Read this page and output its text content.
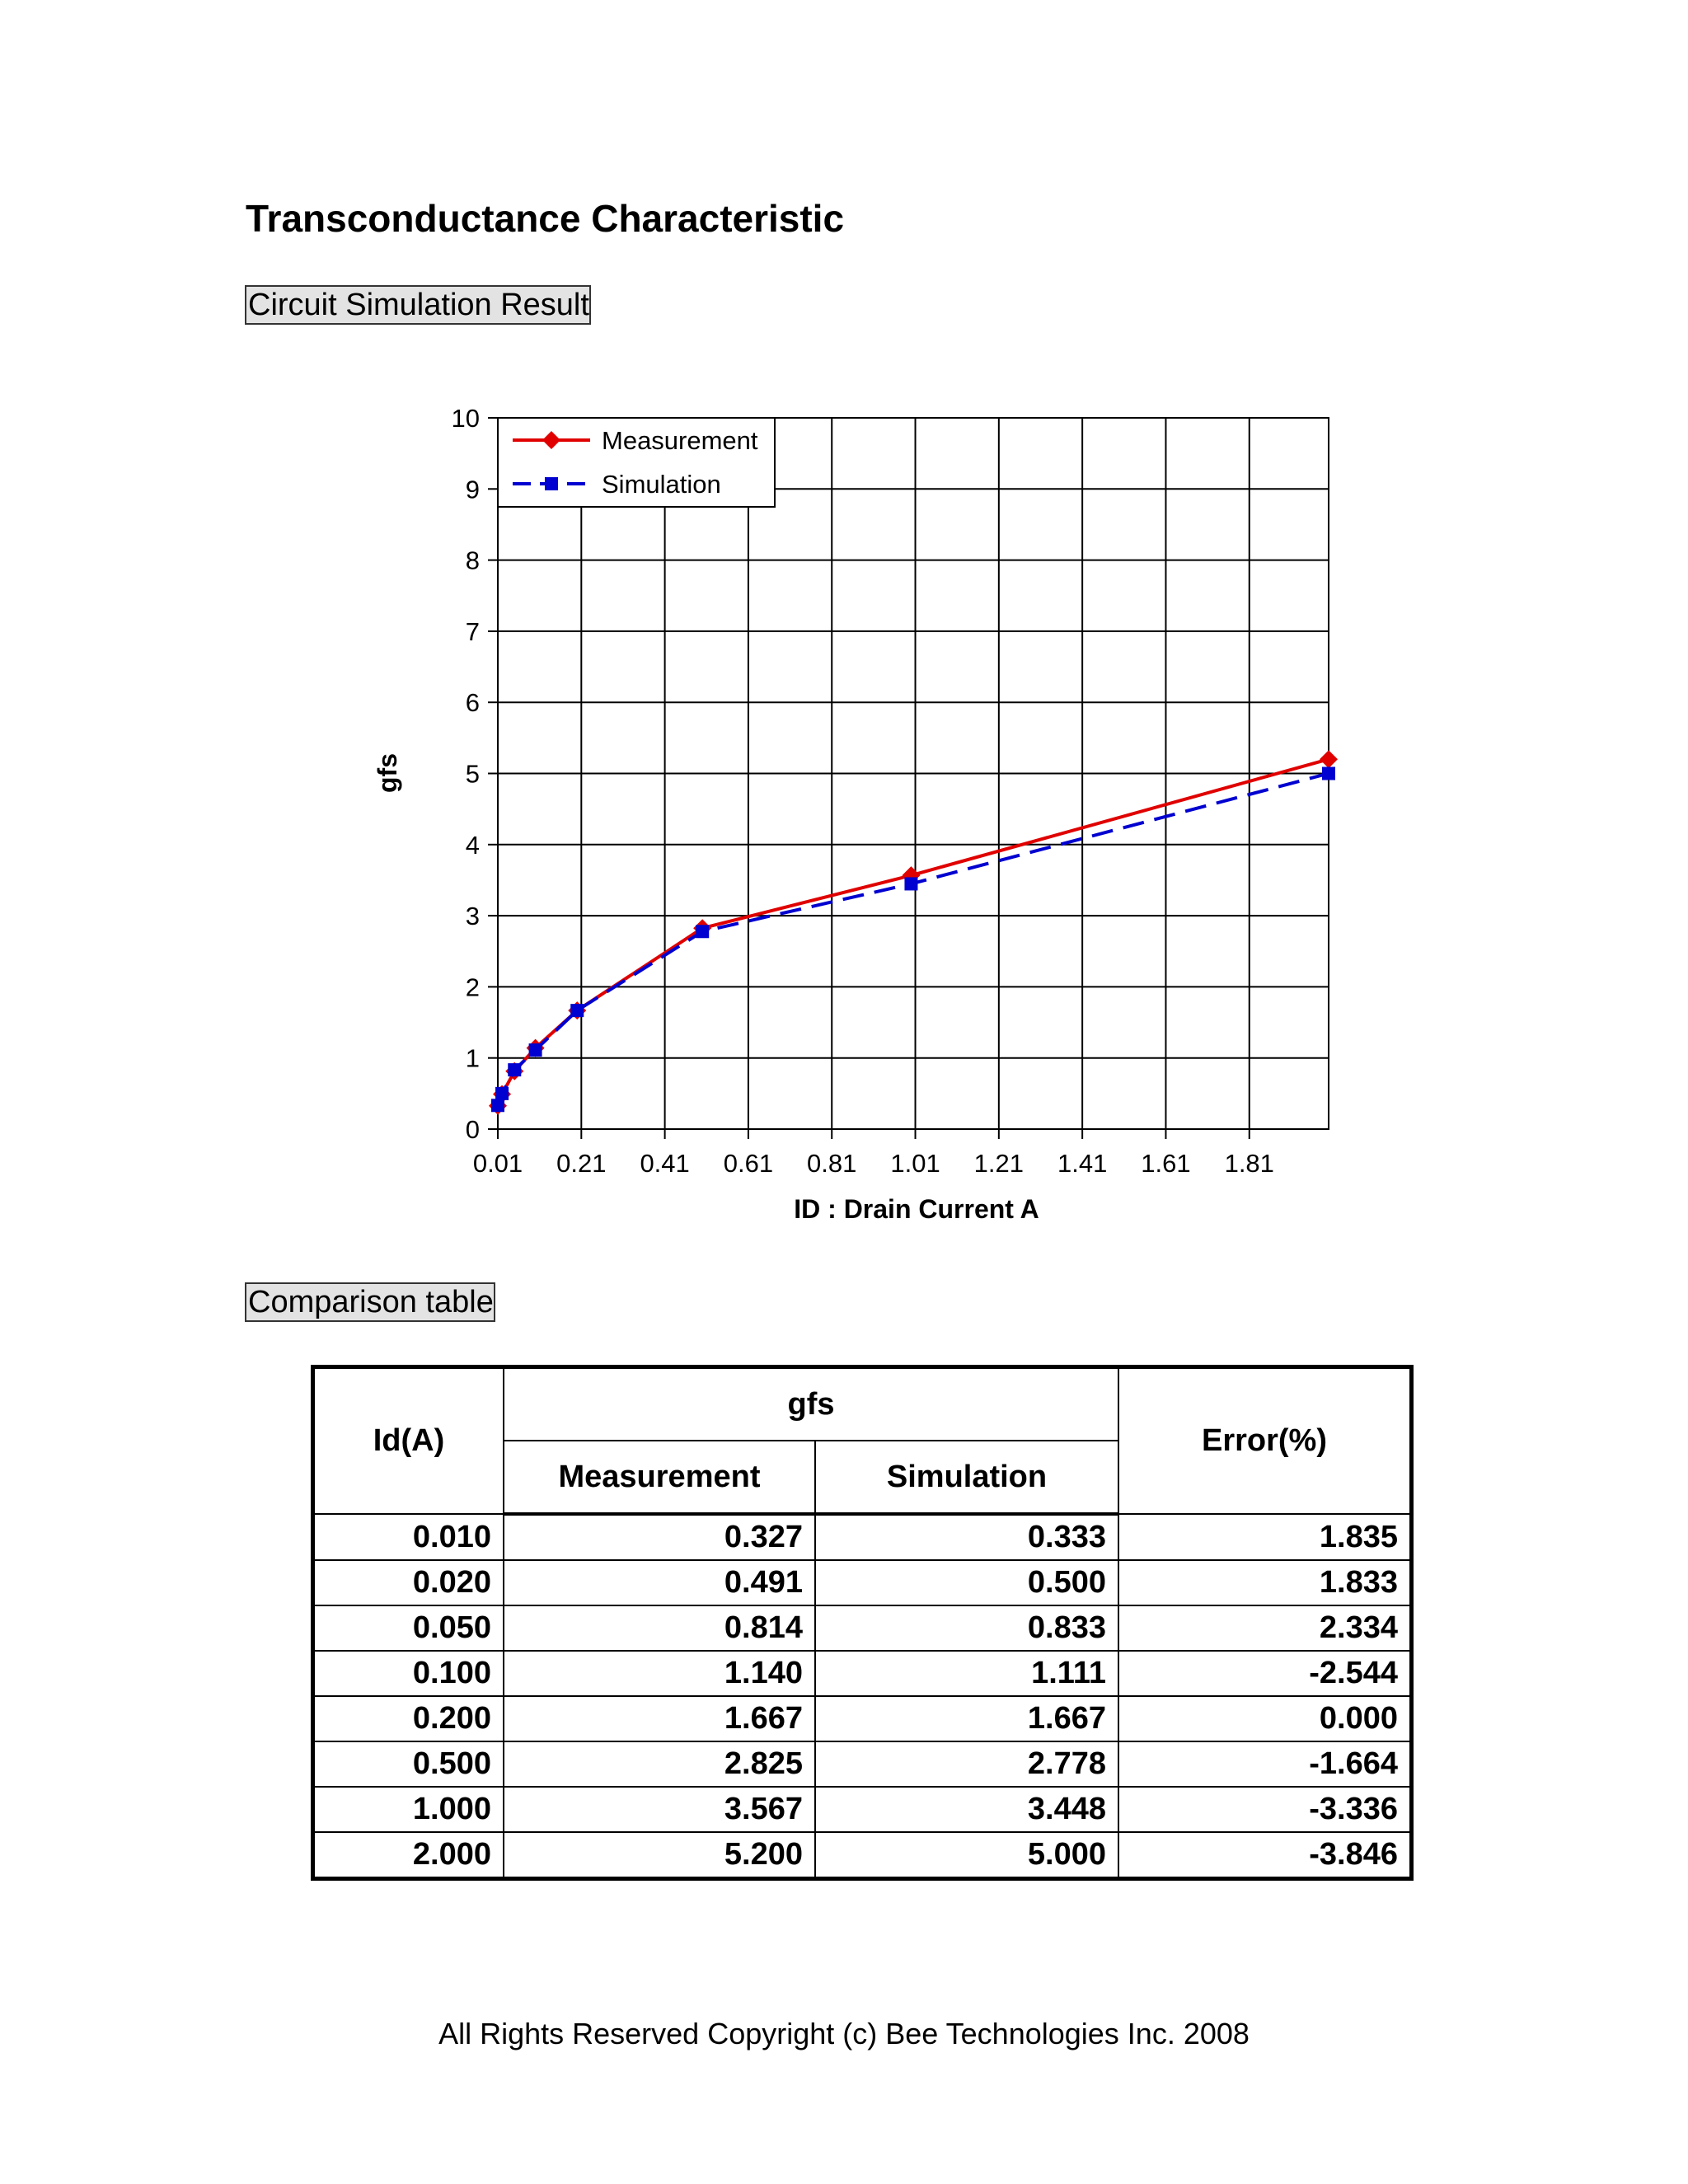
Transconductance Characteristic
Circuit Simulation Result
0
1
2
3
4
5
6
7
8
9
10
0.01 0.21 0.41 0.61 0.81 1.01 1.21 1.41 1.61 1.81
ID : Drain Current A
gfs
Measurement
Simulation
Comparison table
Id(A)	gfs		Error(%)
	Measurement	Simulation	
0.010	0.327	0.333	1.835
0.020	0.491	0.500	1.833
0.050	0.814	0.833	2.334
0.100	1.140	1.111	-2.544
0.200	1.667	1.667	0.000
0.500	2.825	2.778	-1.664
1.000	3.567	3.448	-3.336
2.000	5.200	5.000	-3.846
All Rights Reserved Copyright (c) Bee Technologies Inc. 2008
